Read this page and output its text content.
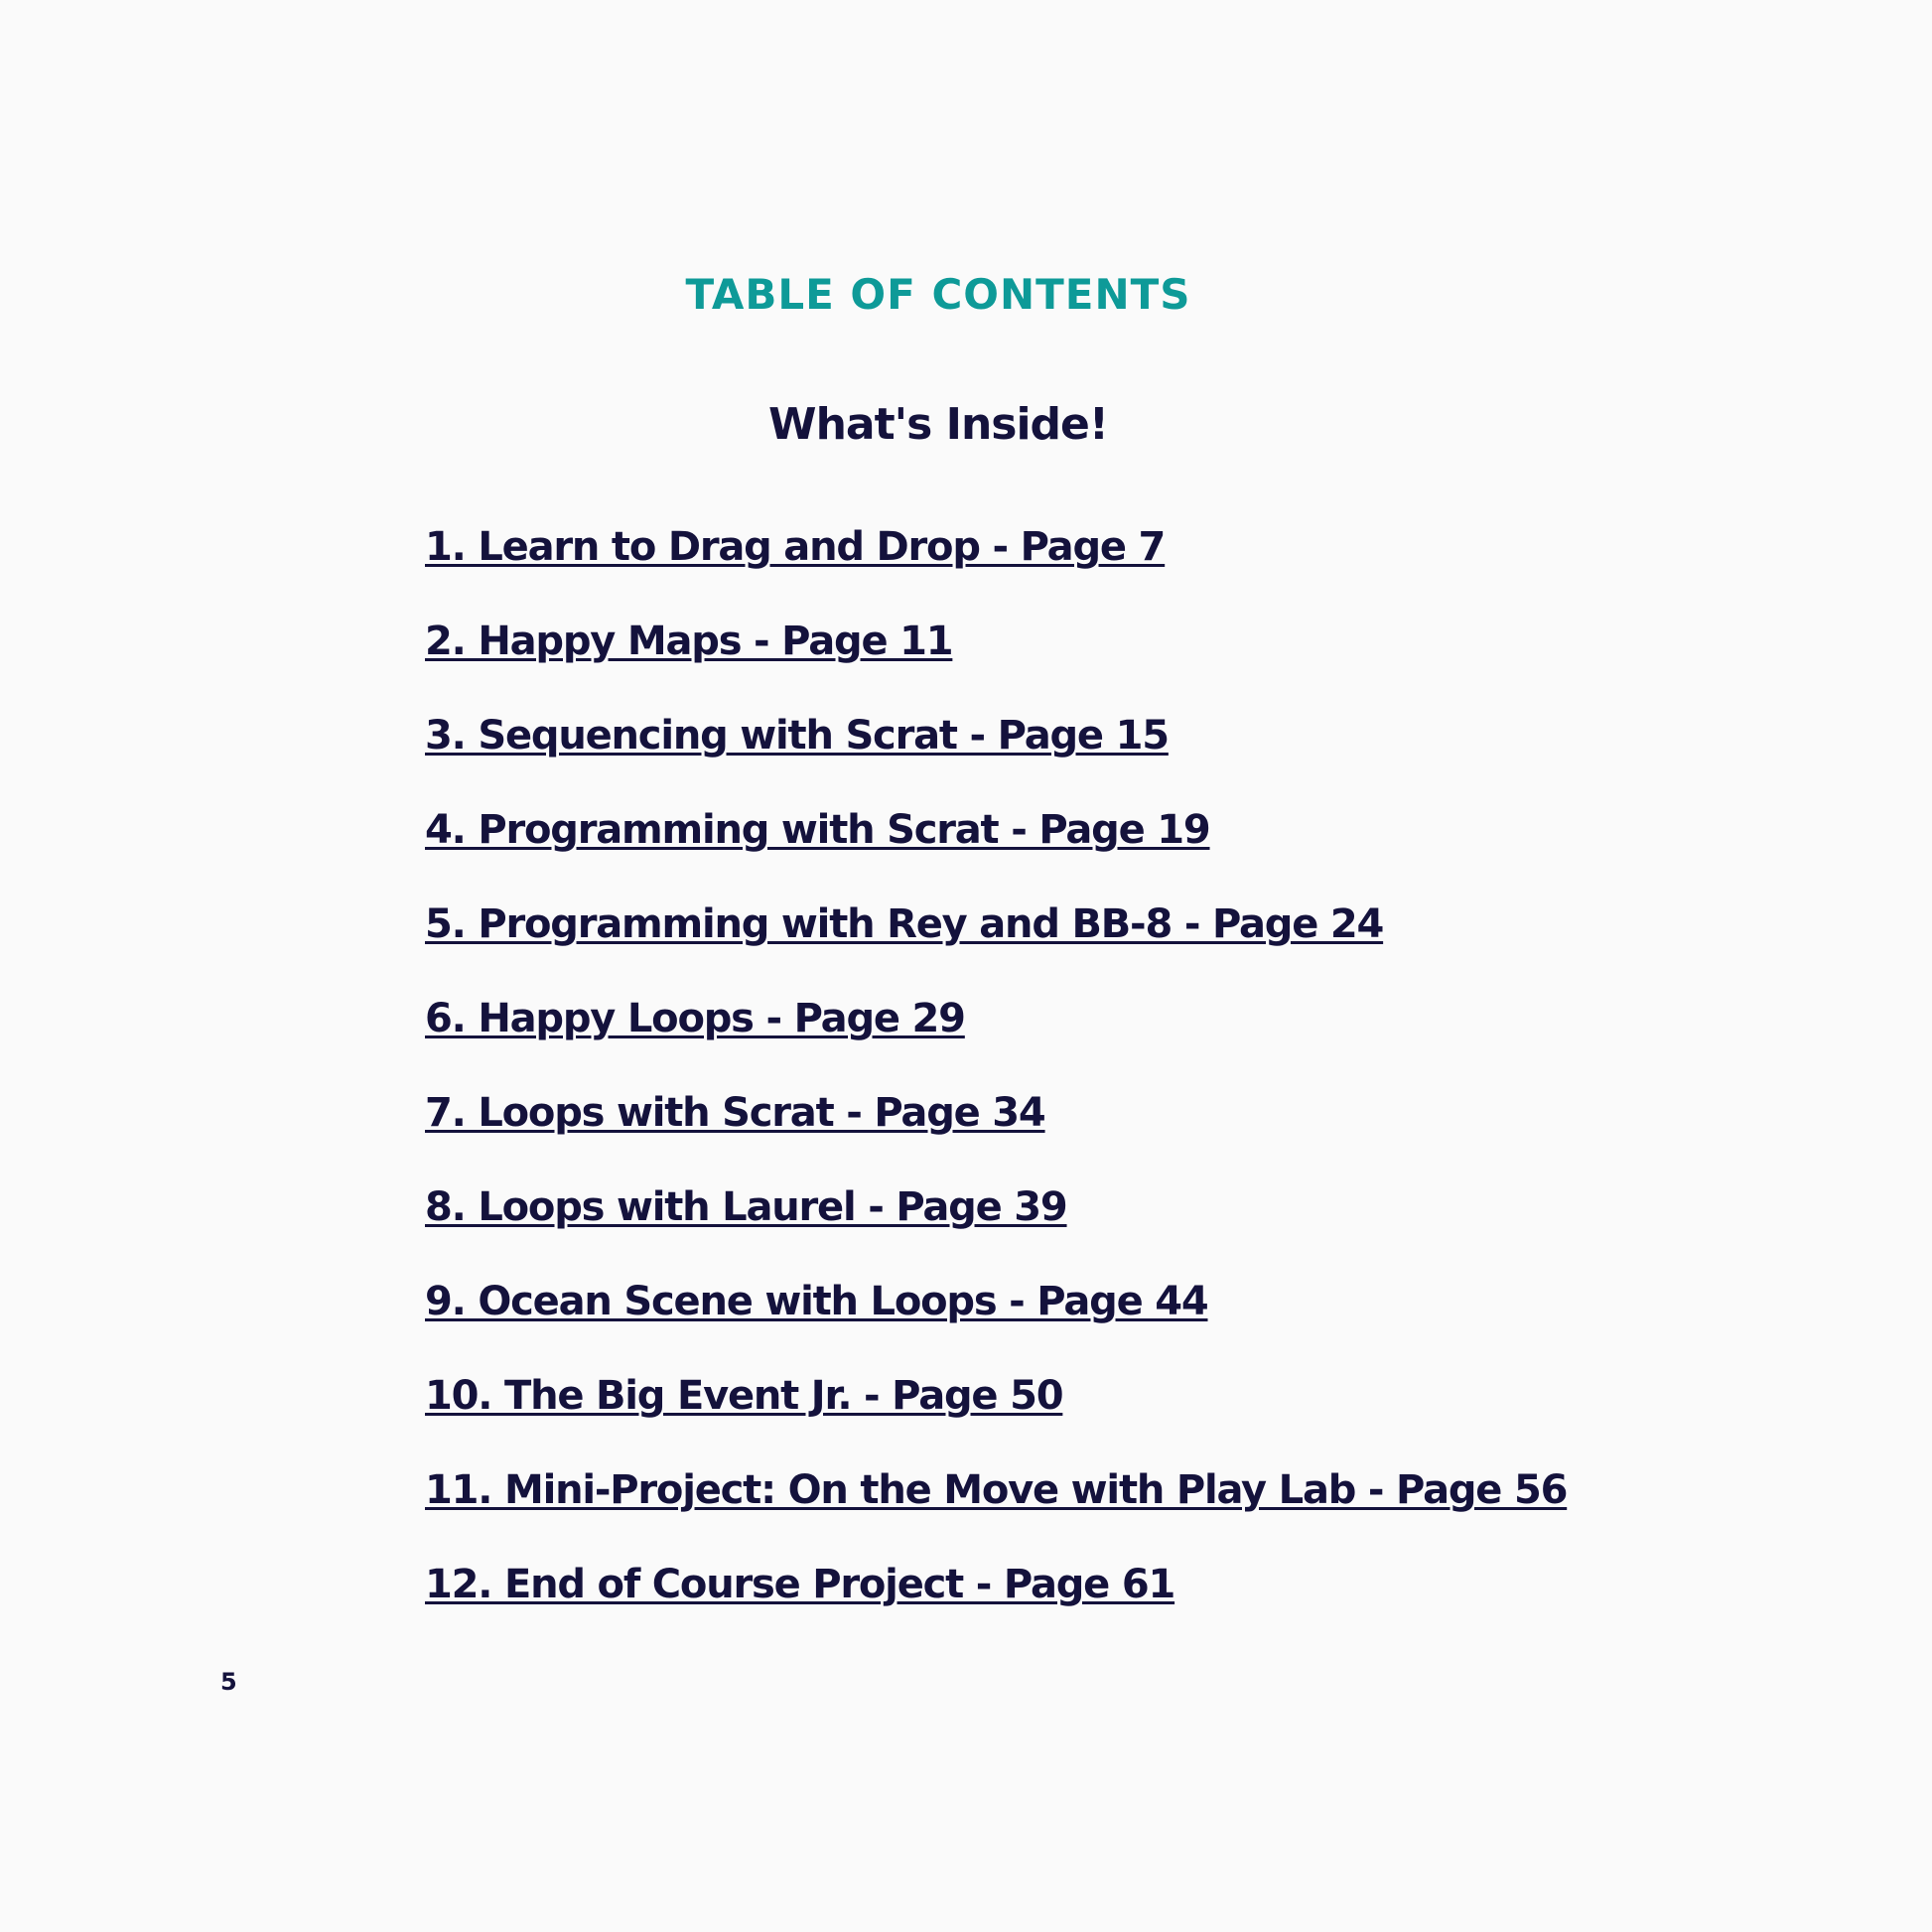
TABLE OF CONTENTS
What's Inside!
1. Learn to Drag and Drop - Page 7
2. Happy Maps - Page 11
3. Sequencing with Scrat - Page 15
4. Programming with Scrat - Page 19
5. Programming with Rey and BB-8 - Page 24
6. Happy Loops - Page 29
7. Loops with Scrat - Page 34
8. Loops with Laurel - Page 39
9. Ocean Scene with Loops - Page 44
10. The Big Event Jr. - Page 50
11. Mini-Project: On the Move with Play Lab - Page 56
12. End of Course Project - Page 61
5
